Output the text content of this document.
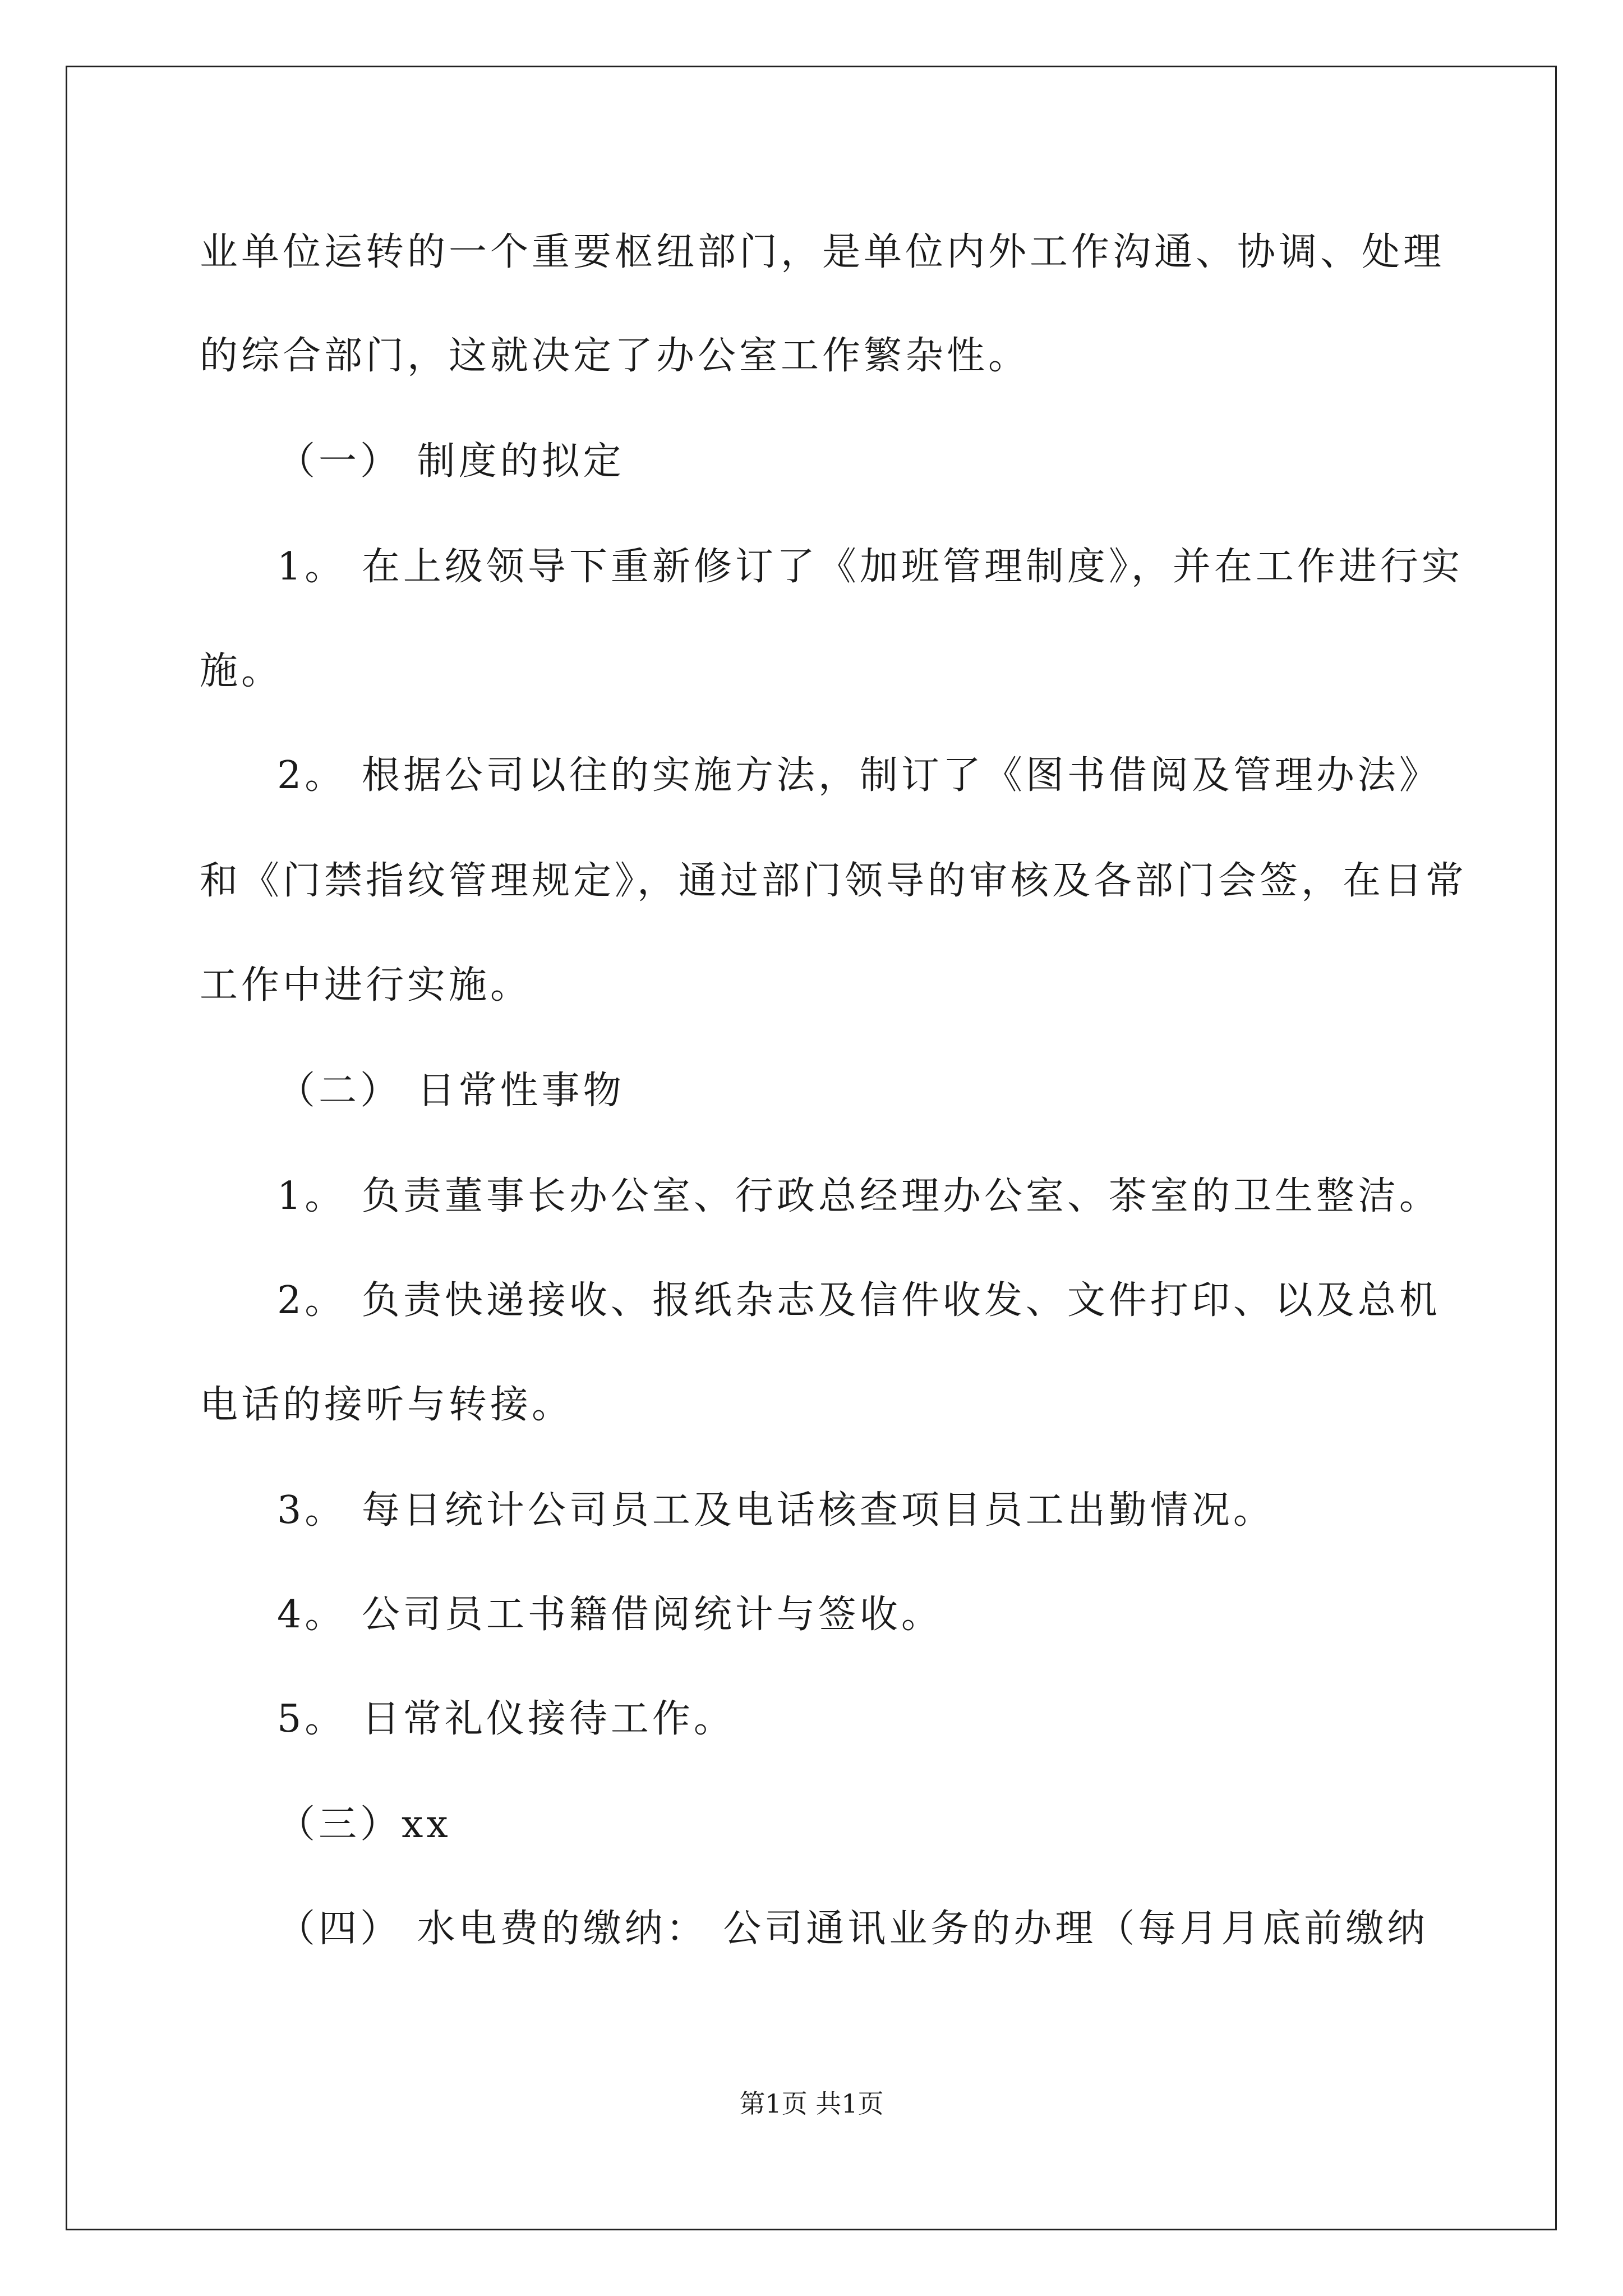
业单位运转的一个重要枢纽部门，是单位内外工作沟通、协调、处理
的综合部门，这就决定了办公室工作繁杂性。
（一） 制度的拟定
1。 在上级领导下重新修订了《加班管理制度》，并在工作进行实
施。
2。 根据公司以往的实施方法，制订了《图书借阅及管理办法》
和《门禁指纹管理规定》，通过部门领导的审核及各部门会签，在日常
工作中进行实施。
（二） 日常性事物
1。 负责董事长办公室、行政总经理办公室、茶室的卫生整洁。
2。 负责快递接收、报纸杂志及信件收发、文件打印、以及总机
电话的接听与转接。
3。 每日统计公司员工及电话核查项目员工出勤情况。
4。 公司员工书籍借阅统计与签收。
5。 日常礼仪接待工作。
（三）xx
（四） 水电费的缴纳： 公司通讯业务的办理（每月月底前缴纳
第1页 共1页
